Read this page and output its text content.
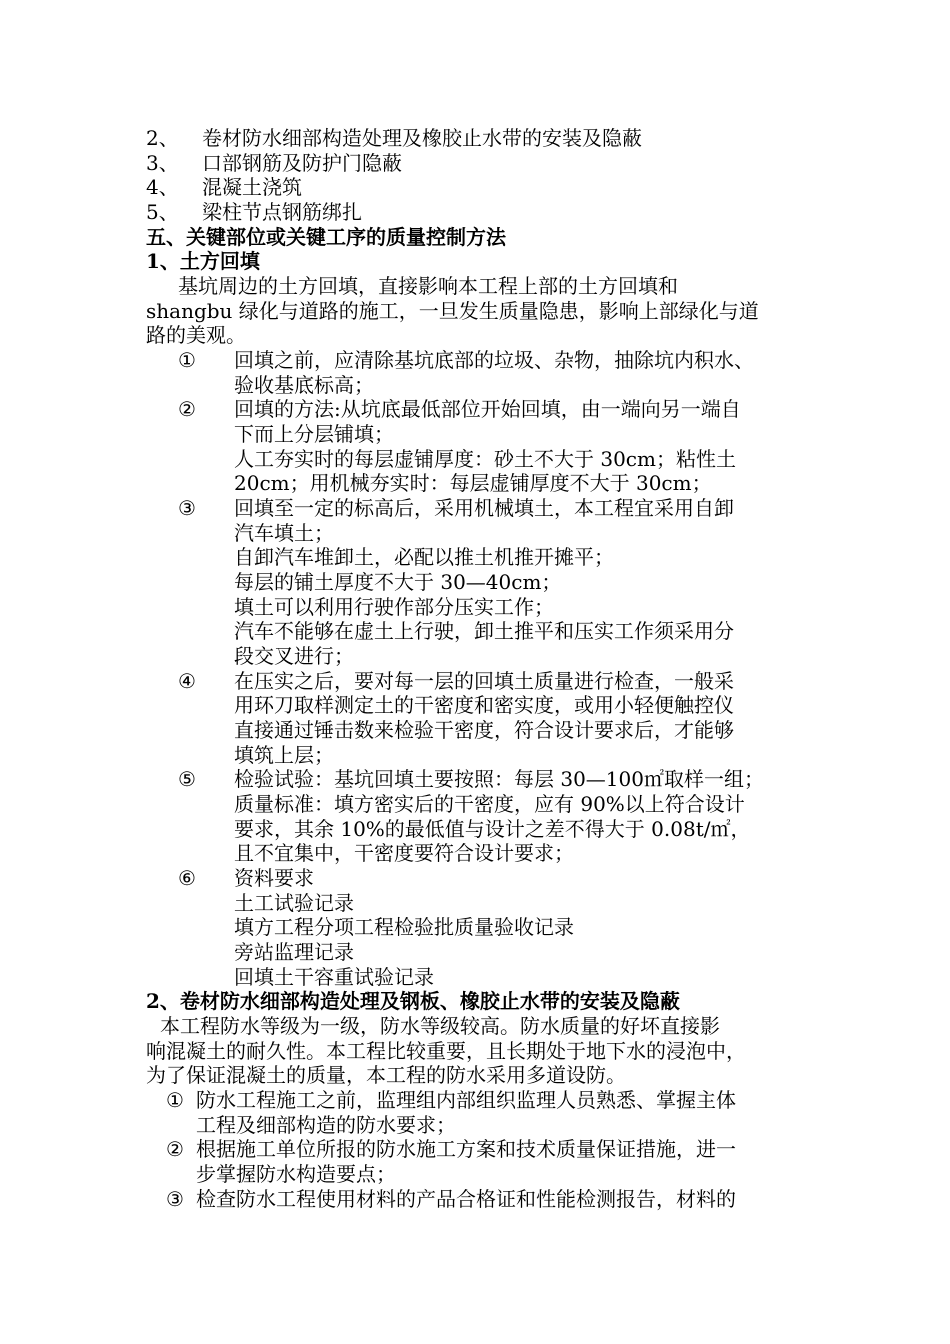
2、 卷材防水细部构造处理及橡胶止水带的安装及隐蔽
3、 口部钢筋及防护门隐蔽
4、 混凝土浇筑
5、 梁柱节点钢筋绑扎
五、关键部位或关键工序的质量控制方法
1、土方回填
基坑周边的土方回填，直接影响本工程上部的土方回填和
shangbu 绿化与道路的施工，一旦发生质量隐患，影响上部绿化与道
路的美观。
① 回填之前，应清除基坑底部的垃圾、杂物，抽除坑内积水、
验收基底标高；
② 回填的方法:从坑底最低部位开始回填，由一端向另一端自
下而上分层铺填；
人工夯实时的每层虚铺厚度：砂土不大于 30cm；粘性土
20cm；用机械夯实时：每层虚铺厚度不大于 30cm；
③ 回填至一定的标高后，采用机械填土，本工程宜采用自卸
汽车填土；
自卸汽车堆卸土，必配以推土机推开摊平；
每层的铺土厚度不大于 30—40cm；
填土可以利用行驶作部分压实工作；
汽车不能够在虚土上行驶，卸土推平和压实工作须采用分
段交叉进行；
④ 在压实之后，要对每一层的回填土质量进行检查，一般采
用环刀取样测定土的干密度和密实度，或用小轻便触控仪
直接通过锤击数来检验干密度，符合设计要求后，才能够
填筑上层；
⑤ 检验试验：基坑回填土要按照：每层 30—100㎡取样一组；
质量标准：填方密实后的干密度，应有 90%以上符合设计
要求，其余 10%的最低值与设计之差不得大于 0.08t/㎡，
且不宜集中，干密度要符合设计要求；
⑥ 资料要求
土工试验记录
填方工程分项工程检验批质量验收记录
旁站监理记录
回填土干容重试验记录
2、卷材防水细部构造处理及钢板、橡胶止水带的安装及隐蔽
本工程防水等级为一级，防水等级较高。防水质量的好坏直接影
响混凝土的耐久性。本工程比较重要，且长期处于地下水的浸泡中，
为了保证混凝土的质量，本工程的防水采用多道设防。
① 防水工程施工之前，监理组内部组织监理人员熟悉、掌握主体
工程及细部构造的防水要求；
② 根据施工单位所报的防水施工方案和技术质量保证措施，进一
步掌握防水构造要点；
③ 检查防水工程使用材料的产品合格证和性能检测报告，材料的
